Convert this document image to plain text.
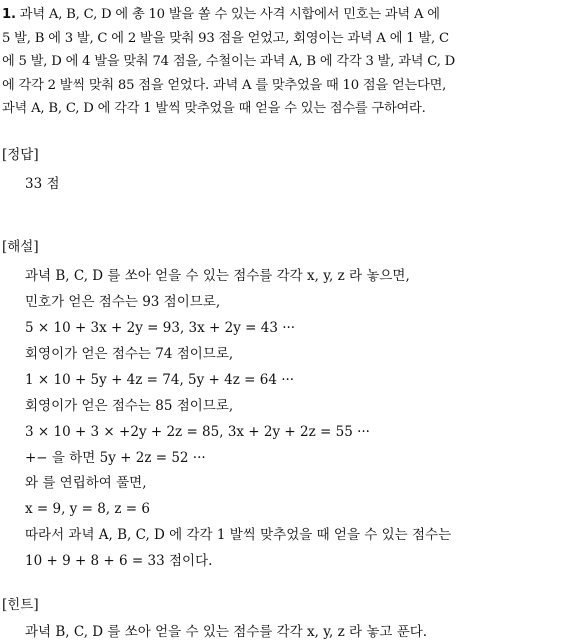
1. 과녁 A, B, C, D 에 총 10 발을 쏠 수 있는 사격 시합에서 민호는 과녁 A 에
5 발, B 에 3 발, C 에 2 발을 맞춰 93 점을 얻었고, 회영이는 과녁 A 에 1 발, C
에 5 발, D 에 4 발을 맞춰 74 점을, 수철이는 과녁 A, B 에 각각 3 발, 과녁 C, D
에 각각 2 발씩 맞춰 85 점을 얻었다. 과녁 A 를 맞추었을 때 10 점을 얻는다면,
과녁 A, B, C, D 에 각각 1 발씩 맞추었을 때 얻을 수 있는 점수를 구하여라.
[정답]
33 점
[해설]
과녁 B, C, D 를 쏘아 얻을 수 있는 점수를 각각 x, y, z 라 놓으면,
민호가 얻은 점수는 93 점이므로,
5 × 10 + 3x + 2y = 93, 3x + 2y = 43 ···
회영이가 얻은 점수는 74 점이므로,
1 × 10 + 5y + 4z = 74, 5y + 4z = 64 ···
회영이가 얻은 점수는 85 점이므로,
3 × 10 + 3 × +2y + 2z = 85, 3x + 2y + 2z = 55 ···
+− 을 하면 5y + 2z = 52 ···
와 를 연립하여 풀면,
x = 9, y = 8, z = 6
따라서 과녁 A, B, C, D 에 각각 1 발씩 맞추었을 때 얻을 수 있는 점수는
10 + 9 + 8 + 6 = 33 점이다.
[힌트]
과녁 B, C, D 를 쏘아 얻을 수 있는 점수를 각각 x, y, z 라 놓고 푼다.
